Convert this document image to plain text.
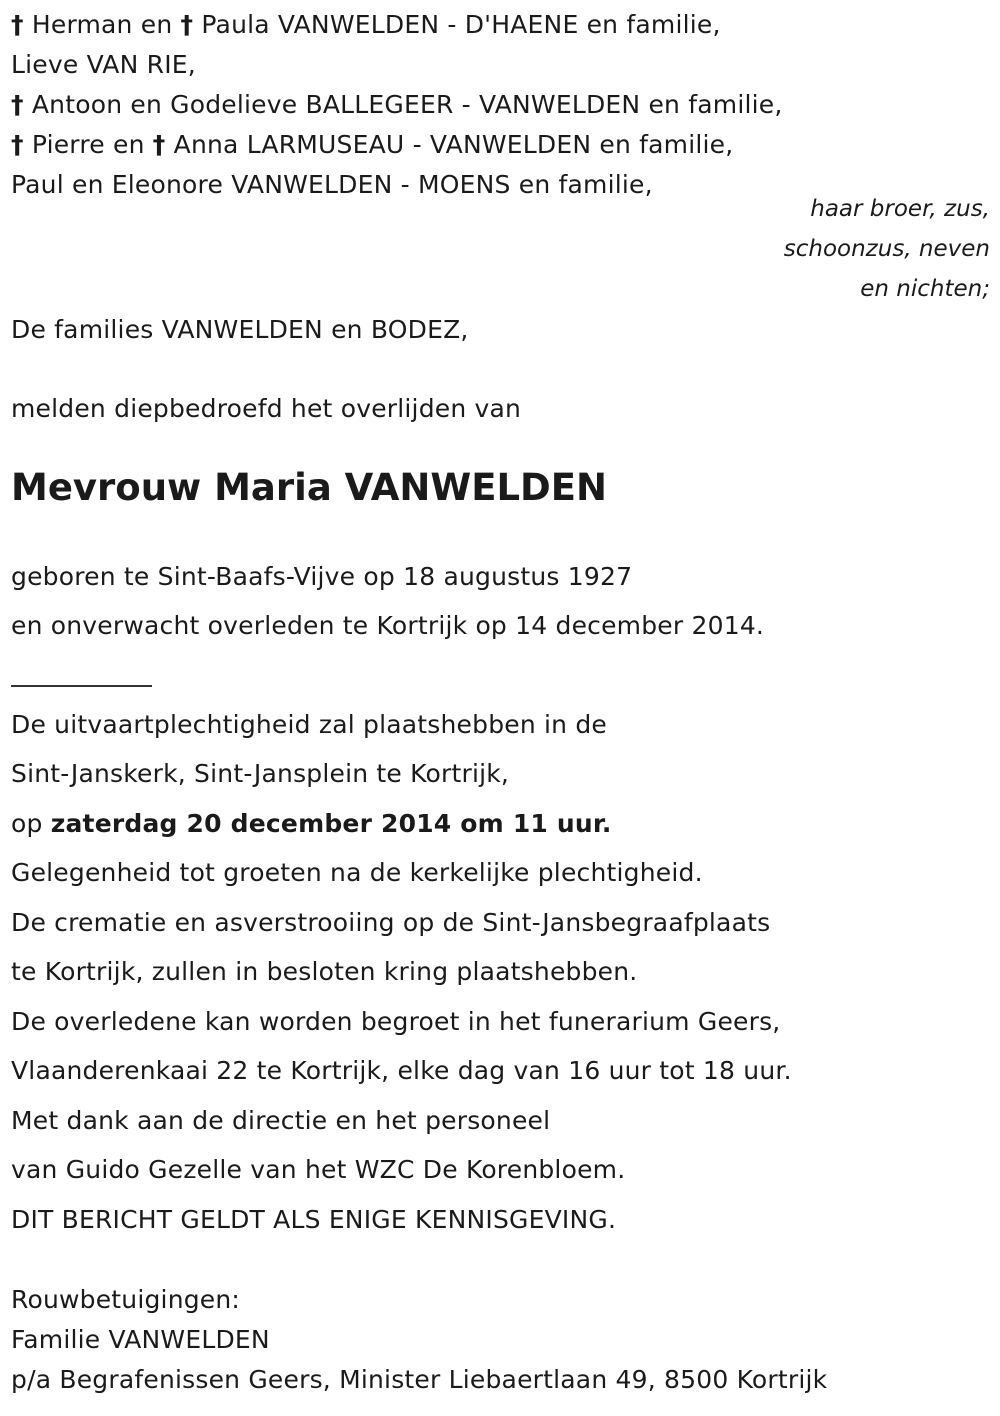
† Herman en † Paula VANWELDEN - D'HAENE en familie,
Lieve VAN RIE,
† Antoon en Godelieve BALLEGEER - VANWELDEN en familie,
† Pierre en † Anna LARMUSEAU - VANWELDEN en familie,
Paul en Eleonore VANWELDEN - MOENS en familie,
haar broer, zus,
schoonzus, neven
en nichten;
De families VANWELDEN en BODEZ,
melden diepbedroefd het overlijden van
Mevrouw Maria VANWELDEN
geboren te Sint-Baafs-Vijve op 18 augustus 1927
en onverwacht overleden te Kortrijk op 14 december 2014.
De uitvaartplechtigheid zal plaatshebben in de
Sint-Janskerk, Sint-Jansplein te Kortrijk,
op zaterdag 20 december 2014 om 11 uur.
Gelegenheid tot groeten na de kerkelijke plechtigheid.
De crematie en asverstrooiing op de Sint-Jansbegraafplaats
te Kortrijk, zullen in besloten kring plaatshebben.
De overledene kan worden begroet in het funerarium Geers,
Vlaanderenkaai 22 te Kortrijk, elke dag van 16 uur tot 18 uur.
Met dank aan de directie en het personeel
van Guido Gezelle van het WZC De Korenbloem.
DIT BERICHT GELDT ALS ENIGE KENNISGEVING.
Rouwbetuigingen:
Familie VANWELDEN
p/a Begrafenissen Geers, Minister Liebaertlaan 49, 8500 Kortrijk
